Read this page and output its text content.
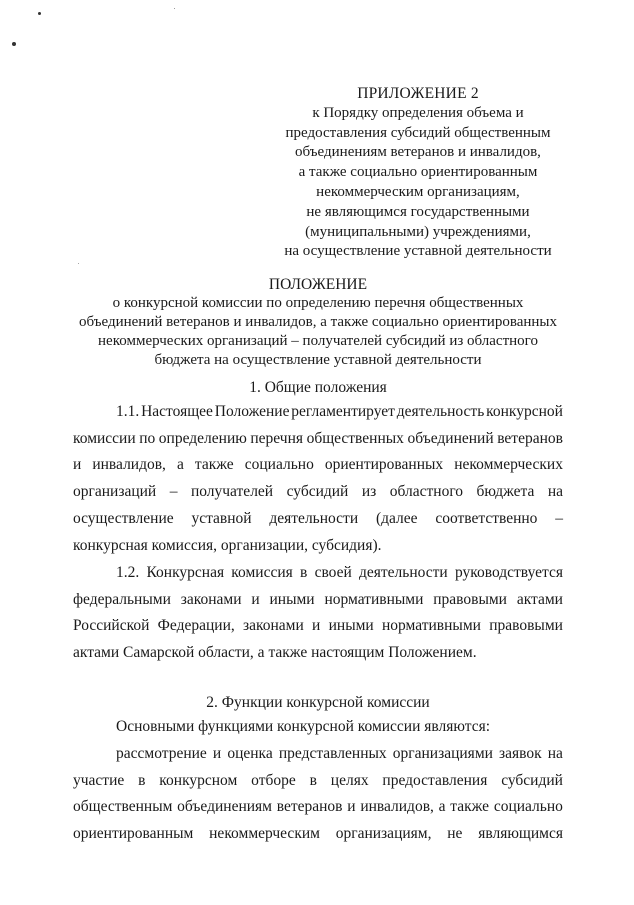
ПРИЛОЖЕНИЕ 2
к Порядку определения объема и
предоставления субсидий общественным
объединениям ветеранов и инвалидов,
а также социально ориентированным
некоммерческим организациям,
не являющимся государственными
(муниципальными) учреждениями,
на осуществление уставной деятельности
ПОЛОЖЕНИЕ
о конкурсной комиссии по определению перечня общественных
объединений ветеранов и инвалидов, а также социально ориентированных
некоммерческих организаций – получателей субсидий из областного
бюджета на осуществление уставной деятельности
1. Общие положения
1.1. Настоящее Положение регламентирует деятельность конкурсной
комиссии по определению перечня общественных объединений ветеранов
и инвалидов, а также социально ориентированных некоммерческих
организаций – получателей субсидий из областного бюджета на
осуществление уставной деятельности (далее соответственно –
конкурсная комиссия, организации, субсидия).
1.2. Конкурсная комиссия в своей деятельности руководствуется
федеральными законами и иными нормативными правовыми актами
Российской Федерации, законами и иными нормативными правовыми
актами Самарской области, а также настоящим Положением.
2. Функции конкурсной комиссии
Основными функциями конкурсной комиссии являются:
рассмотрение и оценка представленных организациями заявок на
участие в конкурсном отборе в целях предоставления субсидий
общественным объединениям ветеранов и инвалидов, а также социально
ориентированным некоммерческим организациям, не являющимся
